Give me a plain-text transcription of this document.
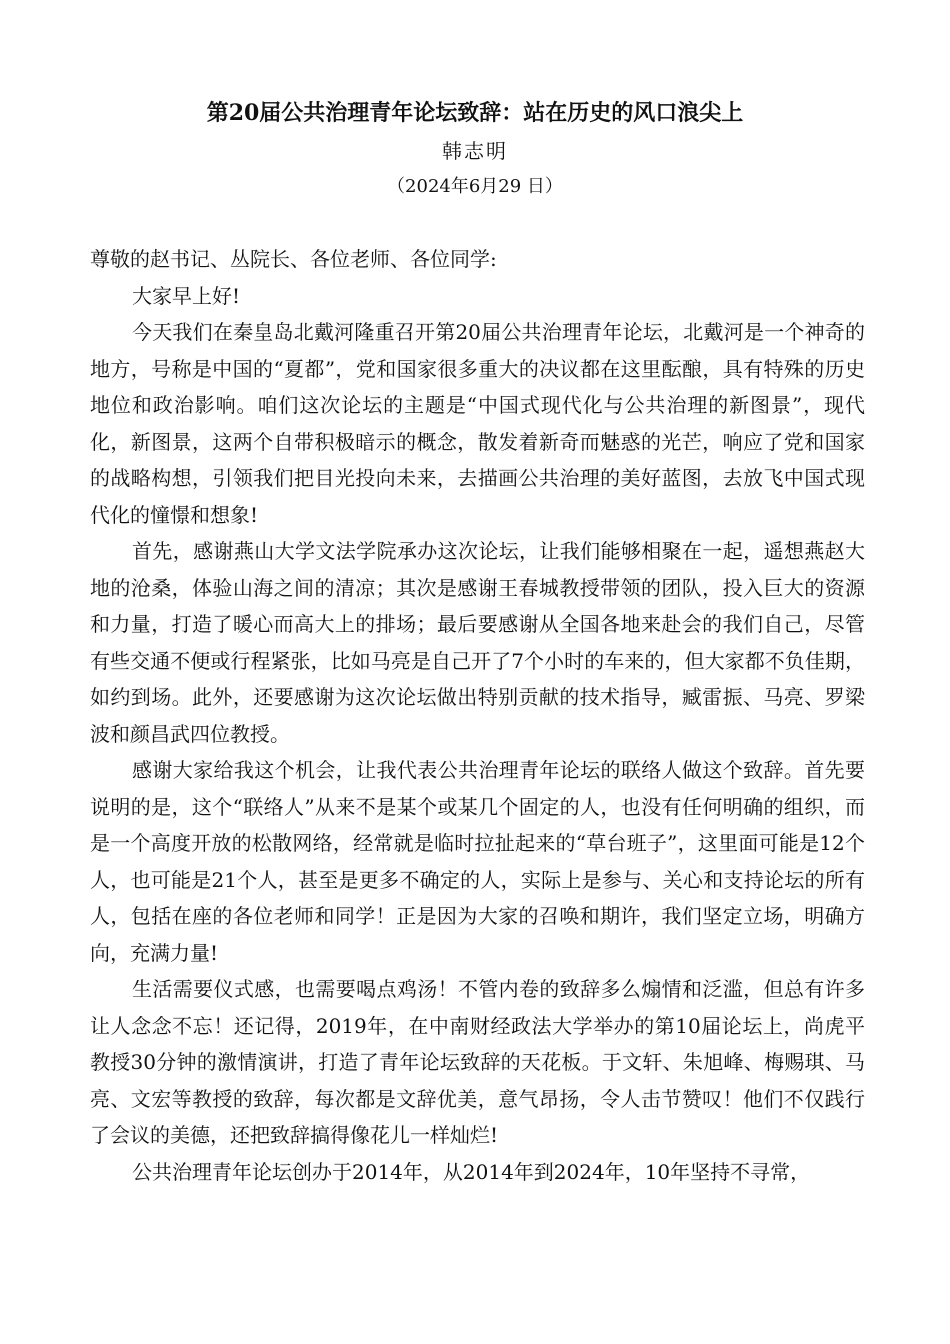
第20届公共治理青年论坛致辞：站在历史的风口浪尖上
韩志明
（2024年6月29 日）

尊敬的赵书记、丛院长、各位老师、各位同学:

大家早上好!

今天我们在秦皇岛北戴河隆重召开第20届公共治理青年论坛，北戴河是一个神奇的地方，号称是中国的“夏都”，党和国家很多重大的决议都在这里酝酿，具有特殊的历史地位和政治影响。咱们这次论坛的主题是“中国式现代化与公共治理的新图景”，现代化，新图景，这两个自带积极暗示的概念，散发着新奇而魅惑的光芒，响应了党和国家的战略构想，引领我们把目光投向未来，去描画公共治理的美好蓝图，去放飞中国式现代化的憧憬和想象!

首先，感谢燕山大学文法学院承办这次论坛，让我们能够相聚在一起，遥想燕赵大地的沧桑，体验山海之间的清凉；其次是感谢王春城教授带领的团队，投入巨大的资源和力量，打造了暖心而高大上的排场；最后要感谢从全国各地来赴会的我们自己，尽管有些交通不便或行程紧张，比如马亮是自己开了7个小时的车来的，但大家都不负佳期，如约到场。此外，还要感谢为这次论坛做出特别贡献的技术指导，臧雷振、马亮、罗梁波和颜昌武四位教授。

感谢大家给我这个机会，让我代表公共治理青年论坛的联络人做这个致辞。首先要说明的是，这个“联络人”从来不是某个或某几个固定的人，也没有任何明确的组织，而是一个高度开放的松散网络，经常就是临时拉扯起来的“草台班子”，这里面可能是12个人，也可能是21个人，甚至是更多不确定的人，实际上是参与、关心和支持论坛的所有人，包括在座的各位老师和同学！正是因为大家的召唤和期许，我们坚定立场，明确方向，充满力量!

生活需要仪式感，也需要喝点鸡汤！不管内卷的致辞多么煽情和泛滥，但总有许多让人念念不忘！还记得，2019年，在中南财经政法大学举办的第10届论坛上，尚虎平教授30分钟的激情演讲，打造了青年论坛致辞的天花板。于文轩、朱旭峰、梅赐琪、马亮、文宏等教授的致辞，每次都是文辞优美，意气昂扬，令人击节赞叹！他们不仅践行了会议的美德，还把致辞搞得像花儿一样灿烂!

公共治理青年论坛创办于2014年，从2014年到2024年，10年坚持不寻常，
